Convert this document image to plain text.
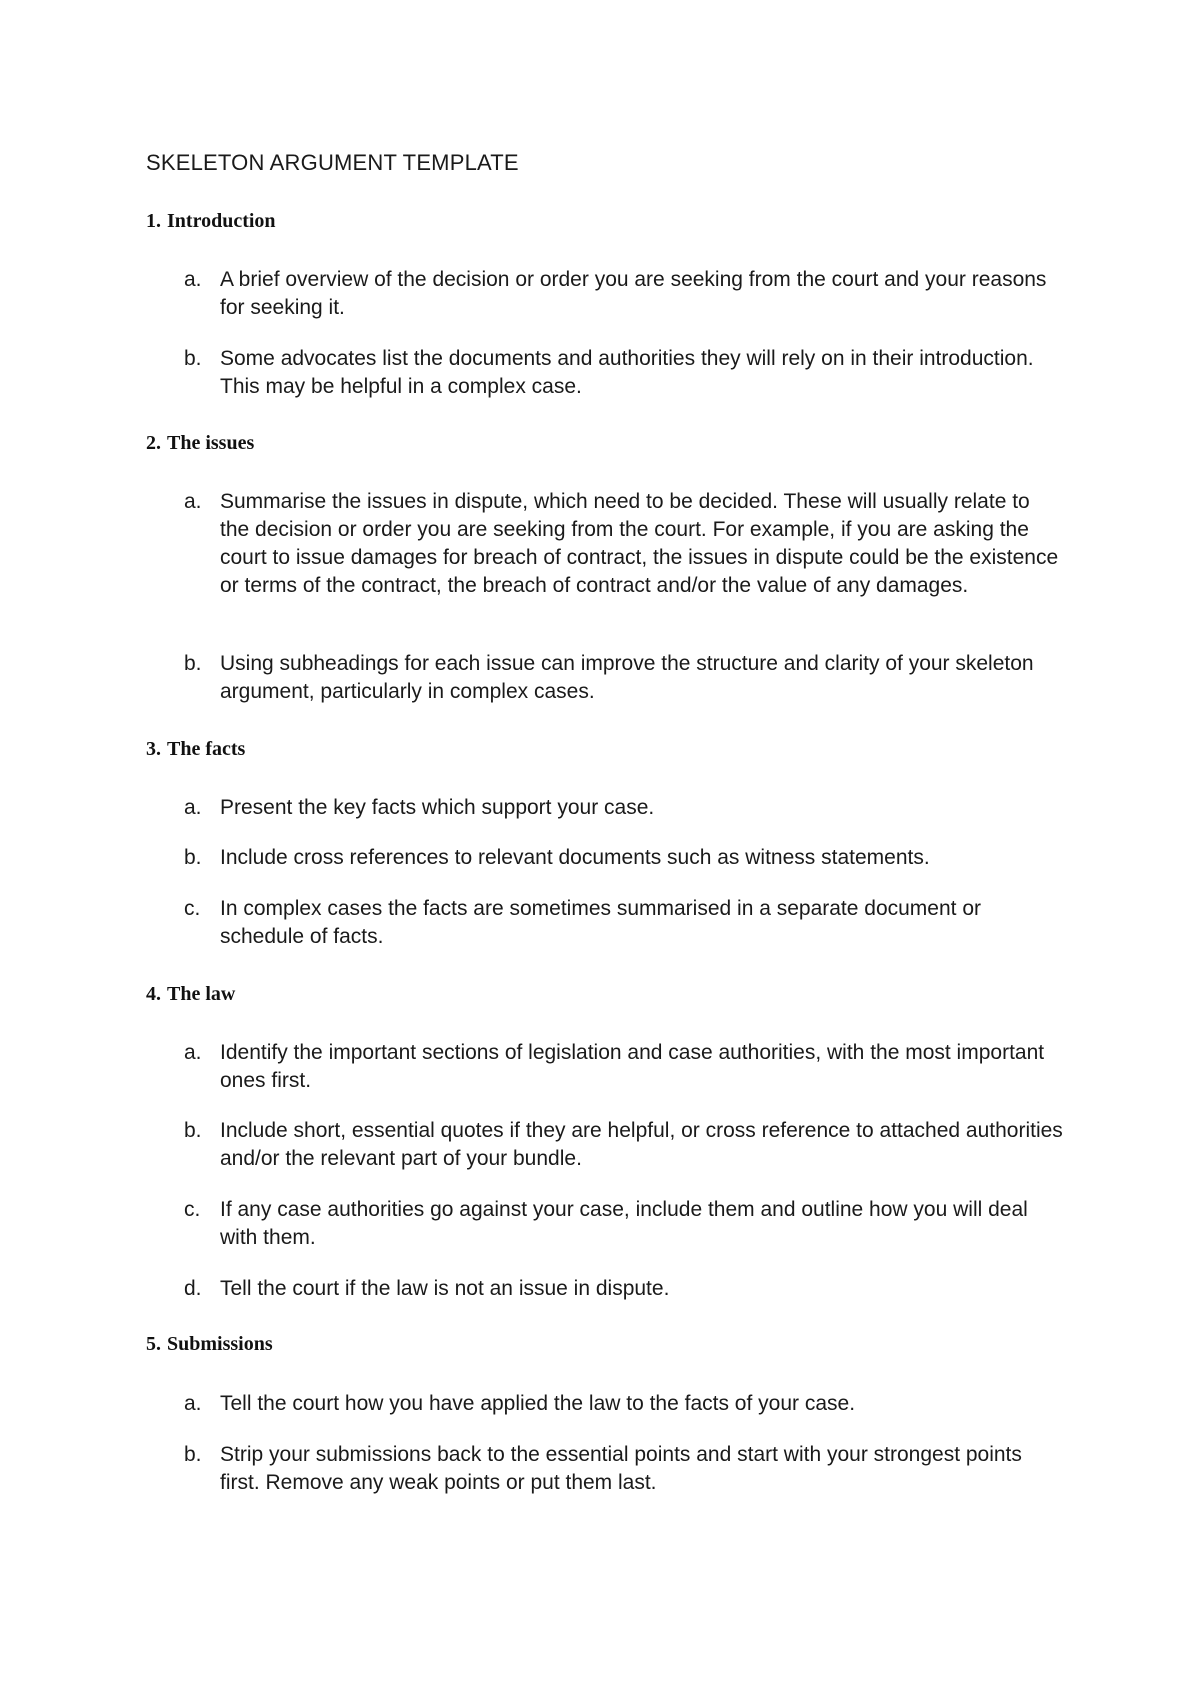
SKELETON ARGUMENT TEMPLATE
1. Introduction
a. A brief overview of the decision or order you are seeking from the court and your reasons for seeking it.
b. Some advocates list the documents and authorities they will rely on in their introduction. This may be helpful in a complex case.
2. The issues
a. Summarise the issues in dispute, which need to be decided. These will usually relate to the decision or order you are seeking from the court. For example, if you are asking the court to issue damages for breach of contract, the issues in dispute could be the existence or terms of the contract, the breach of contract and/or the value of any damages.
b. Using subheadings for each issue can improve the structure and clarity of your skeleton argument, particularly in complex cases.
3. The facts
a. Present the key facts which support your case.
b. Include cross references to relevant documents such as witness statements.
c. In complex cases the facts are sometimes summarised in a separate document or schedule of facts.
4. The law
a. Identify the important sections of legislation and case authorities, with the most important ones first.
b. Include short, essential quotes if they are helpful, or cross reference to attached authorities and/or the relevant part of your bundle.
c. If any case authorities go against your case, include them and outline how you will deal with them.
d. Tell the court if the law is not an issue in dispute.
5. Submissions
a. Tell the court how you have applied the law to the facts of your case.
b. Strip your submissions back to the essential points and start with your strongest points first. Remove any weak points or put them last.
